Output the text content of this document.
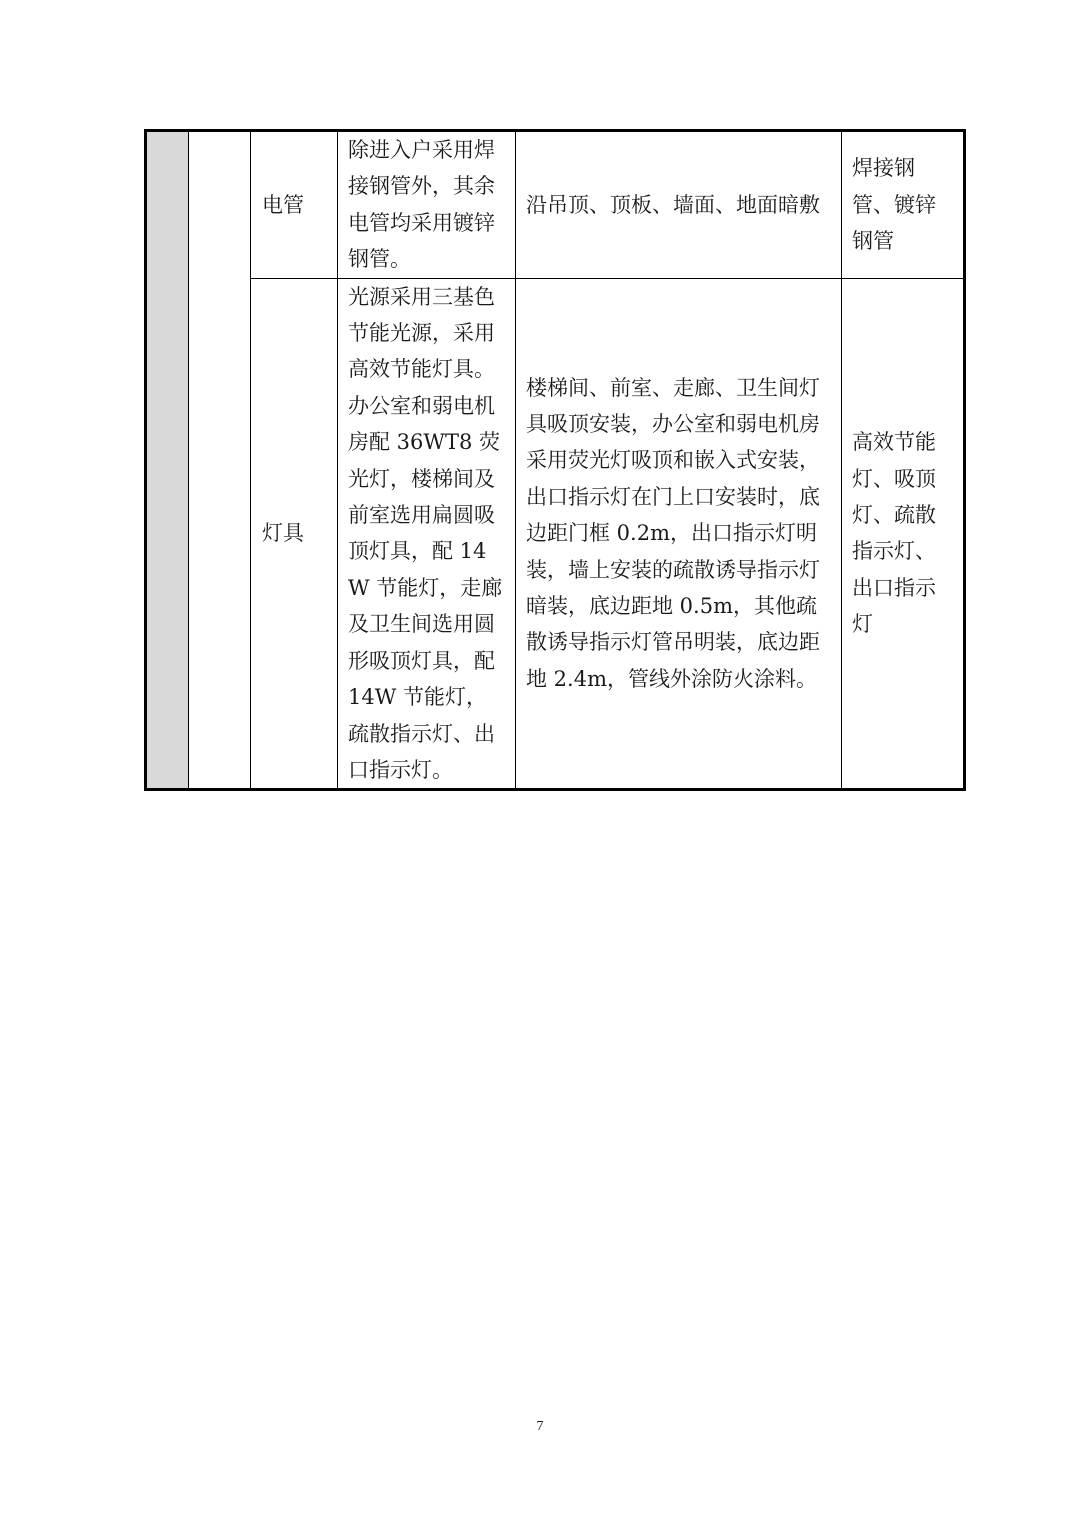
		电管	除进入户采用焊接钢管外，其余电管均采用镀锌钢管。	沿吊顶、顶板、墙面、地面暗敷	焊接钢管、镀锌钢管
		灯具	光源采用三基色节能光源，采用高效节能灯具。办公室和弱电机房配 36WT8 荧光灯，楼梯间及前室选用扁圆吸顶灯具，配 14W 节能灯，走廊及卫生间选用圆形吸顶灯具，配 14W 节能灯，疏散指示灯、出口指示灯。	楼梯间、前室、走廊、卫生间灯具吸顶安装，办公室和弱电机房采用荧光灯吸顶和嵌入式安装，出口指示灯在门上口安装时，底边距门框 0.2m，出口指示灯明装，墙上安装的疏散诱导指示灯暗装，底边距地 0.5m，其他疏散诱导指示灯管吊明装，底边距地 2.4m，管线外涂防火涂料。	高效节能灯、吸顶灯、疏散指示灯、出口指示灯
7
